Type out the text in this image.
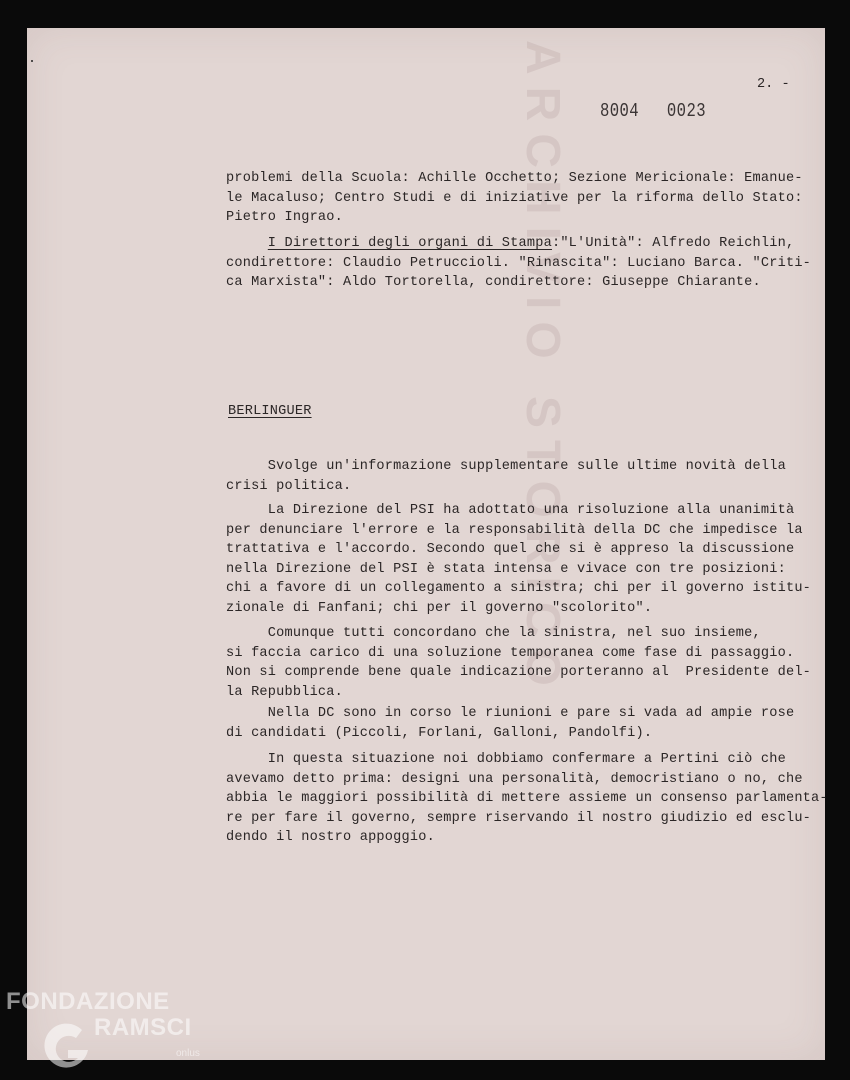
2. -
8004 0023
problemi della Scuola: Achille Occhetto; Sezione Mericionale: Emanue-
le Macaluso; Centro Studi e di iniziative per la riforma dello Stato:
Pietro Ingrao.
I Direttori degli organi di Stampa:"L'Unità": Alfredo Reichlin,
condirettore: Claudio Petruccioli. "Rinascita": Luciano Barca. "Criti-
ca Marxista": Aldo Tortorella, condirettore: Giuseppe Chiarante.
BERLINGUER
Svolge un'informazione supplementare sulle ultime novità della
crisi politica.
La Direzione del PSI ha adottato una risoluzione alla unanimità
per denunciare l'errore e la responsabilità della DC che impedisce la
trattativa e l'accordo. Secondo quel che si è appreso la discussione
nella Direzione del PSI è stata intensa e vivace con tre posizioni:
chi a favore di un collegamento a sinistra; chi per il governo istitu-
zionale di Fanfani; chi per il governo "scolorito".
Comunque tutti concordano che la sinistra, nel suo insieme,
si faccia carico di una soluzione temporanea come fase di passaggio.
Non si comprende bene quale indicazione porteranno al  Presidente del-
la Repubblica.
Nella DC sono in corso le riunioni e pare si vada ad ampie rose
di candidati (Piccoli, Forlani, Galloni, Pandolfi).
In questa situazione noi dobbiamo confermare a Pertini ciò che
avevamo detto prima: designi una personalità, democristiano o no, che
abbia le maggiori possibilità di mettere assieme un consenso parlamenta-
re per fare il governo, sempre riservando il nostro giudizio ed esclu-
dendo il nostro appoggio.
FONDAZIONE
RAMSCI
onlus
